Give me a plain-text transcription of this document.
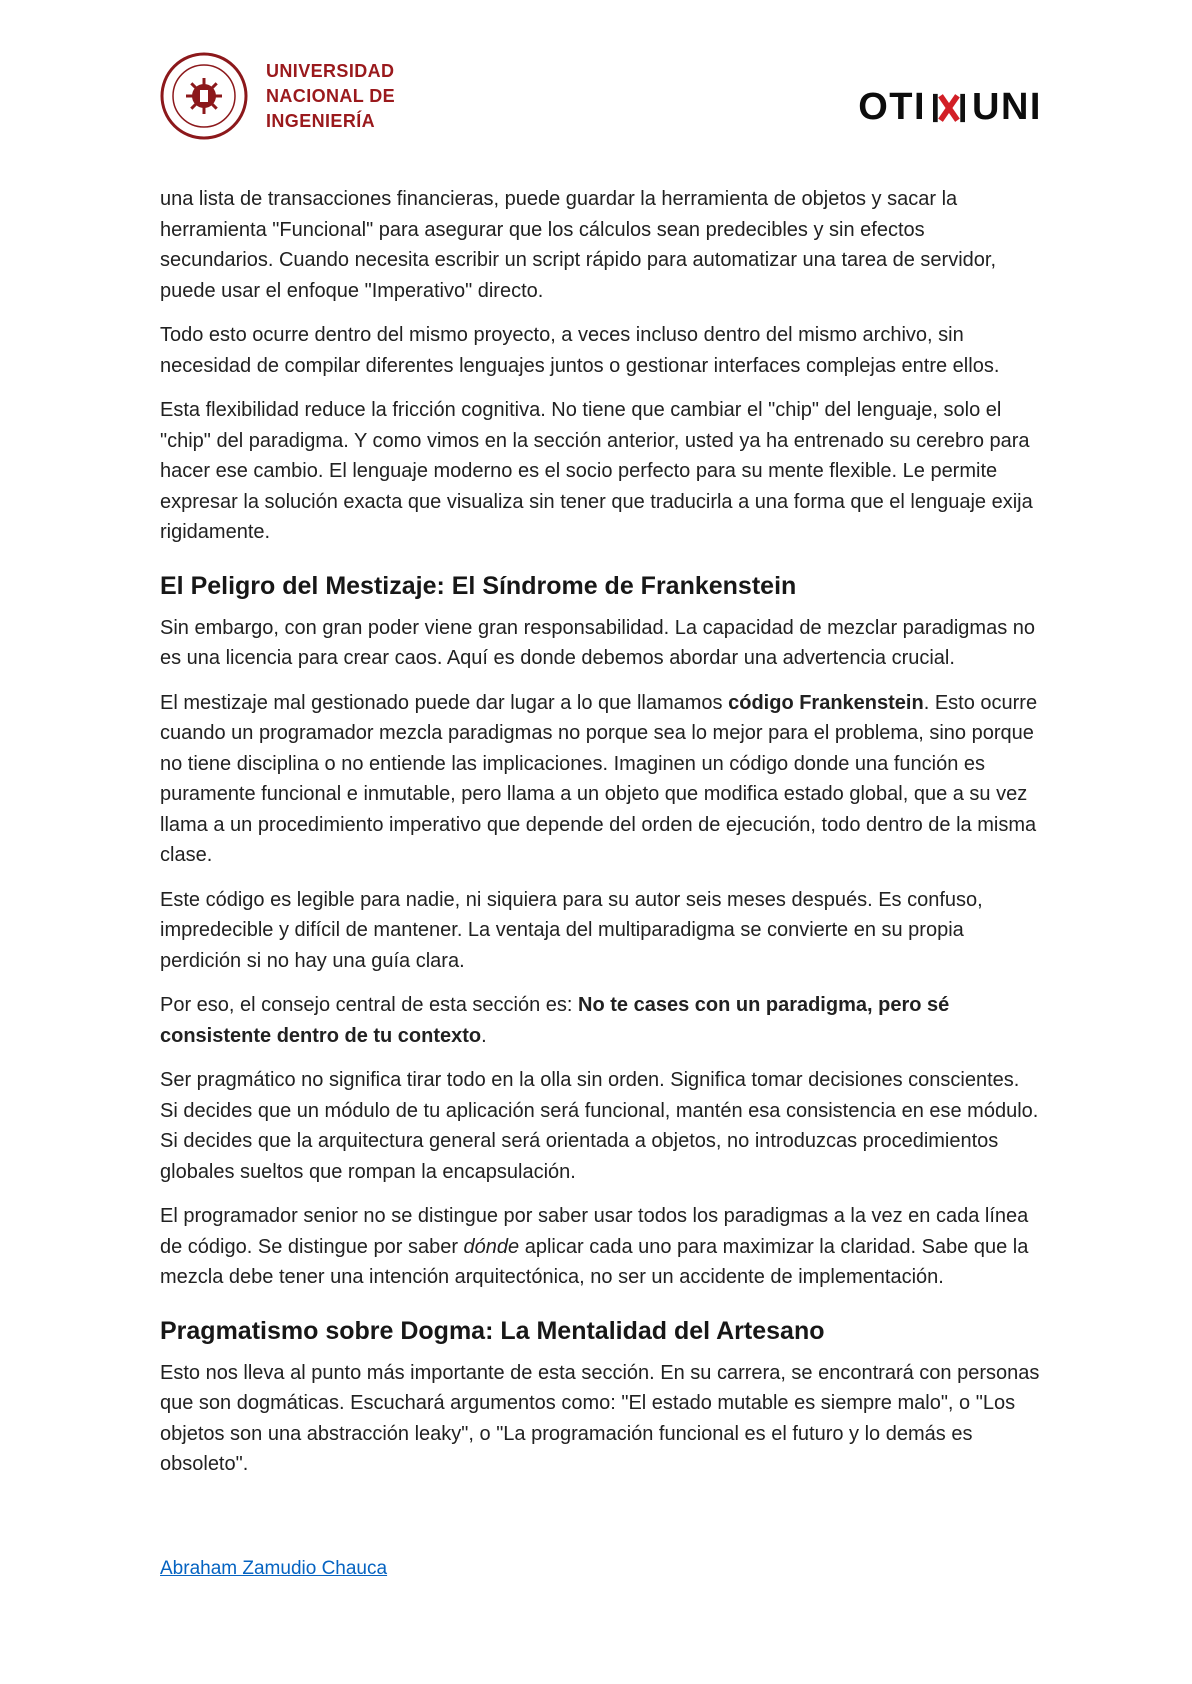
UNIVERSIDAD
NACIONAL DE
INGENIERÍA	OTI UNI

una lista de transacciones financieras, puede guardar la herramienta de objetos y sacar la herramienta "Funcional" para asegurar que los cálculos sean predecibles y sin efectos secundarios. Cuando necesita escribir un script rápido para automatizar una tarea de servidor, puede usar el enfoque "Imperativo" directo.

Todo esto ocurre dentro del mismo proyecto, a veces incluso dentro del mismo archivo, sin necesidad de compilar diferentes lenguajes juntos o gestionar interfaces complejas entre ellos.

Esta flexibilidad reduce la fricción cognitiva. No tiene que cambiar el "chip" del lenguaje, solo el "chip" del paradigma. Y como vimos en la sección anterior, usted ya ha entrenado su cerebro para hacer ese cambio. El lenguaje moderno es el socio perfecto para su mente flexible. Le permite expresar la solución exacta que visualiza sin tener que traducirla a una forma que el lenguaje exija rigidamente.

El Peligro del Mestizaje: El Síndrome de Frankenstein

Sin embargo, con gran poder viene gran responsabilidad. La capacidad de mezclar paradigmas no es una licencia para crear caos. Aquí es donde debemos abordar una advertencia crucial.

El mestizaje mal gestionado puede dar lugar a lo que llamamos código Frankenstein. Esto ocurre cuando un programador mezcla paradigmas no porque sea lo mejor para el problema, sino porque no tiene disciplina o no entiende las implicaciones. Imaginen un código donde una función es puramente funcional e inmutable, pero llama a un objeto que modifica estado global, que a su vez llama a un procedimiento imperativo que depende del orden de ejecución, todo dentro de la misma clase.

Este código es legible para nadie, ni siquiera para su autor seis meses después. Es confuso, impredecible y difícil de mantener. La ventaja del multiparadigma se convierte en su propia perdición si no hay una guía clara.

Por eso, el consejo central de esta sección es: No te cases con un paradigma, pero sé consistente dentro de tu contexto.

Ser pragmático no significa tirar todo en la olla sin orden. Significa tomar decisiones conscientes. Si decides que un módulo de tu aplicación será funcional, mantén esa consistencia en ese módulo. Si decides que la arquitectura general será orientada a objetos, no introduzcas procedimientos globales sueltos que rompan la encapsulación.

El programador senior no se distingue por saber usar todos los paradigmas a la vez en cada línea de código. Se distingue por saber dónde aplicar cada uno para maximizar la claridad. Sabe que la mezcla debe tener una intención arquitectónica, no ser un accidente de implementación.

Pragmatismo sobre Dogma: La Mentalidad del Artesano

Esto nos lleva al punto más importante de esta sección. En su carrera, se encontrará con personas que son dogmáticas. Escuchará argumentos como: "El estado mutable es siempre malo", o "Los objetos son una abstracción leaky", o "La programación funcional es el futuro y lo demás es obsoleto".

Abraham Zamudio Chauca
